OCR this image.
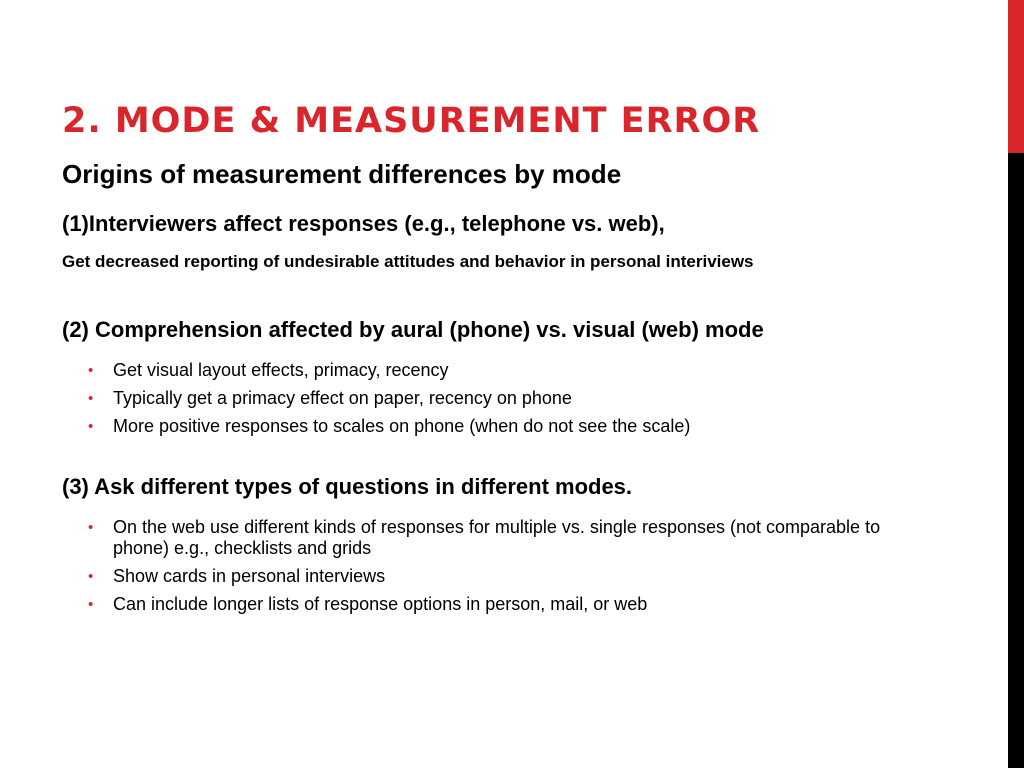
2. MODE & MEASUREMENT ERROR
Origins of measurement differences by mode
(1)Interviewers affect responses (e.g., telephone vs. web),
Get decreased reporting of undesirable attitudes and behavior in personal interiviews
(2) Comprehension affected by aural (phone) vs. visual (web) mode
• Get visual layout effects, primacy, recency
• Typically get a primacy effect on paper, recency on phone
• More positive responses to scales on phone (when do not see the scale)
(3) Ask different types of questions in different modes.
• On the web use different kinds of responses for multiple vs. single responses (not comparable to phone) e.g., checklists and grids
• Show cards in personal interviews
• Can include longer lists of response options in person, mail, or web
